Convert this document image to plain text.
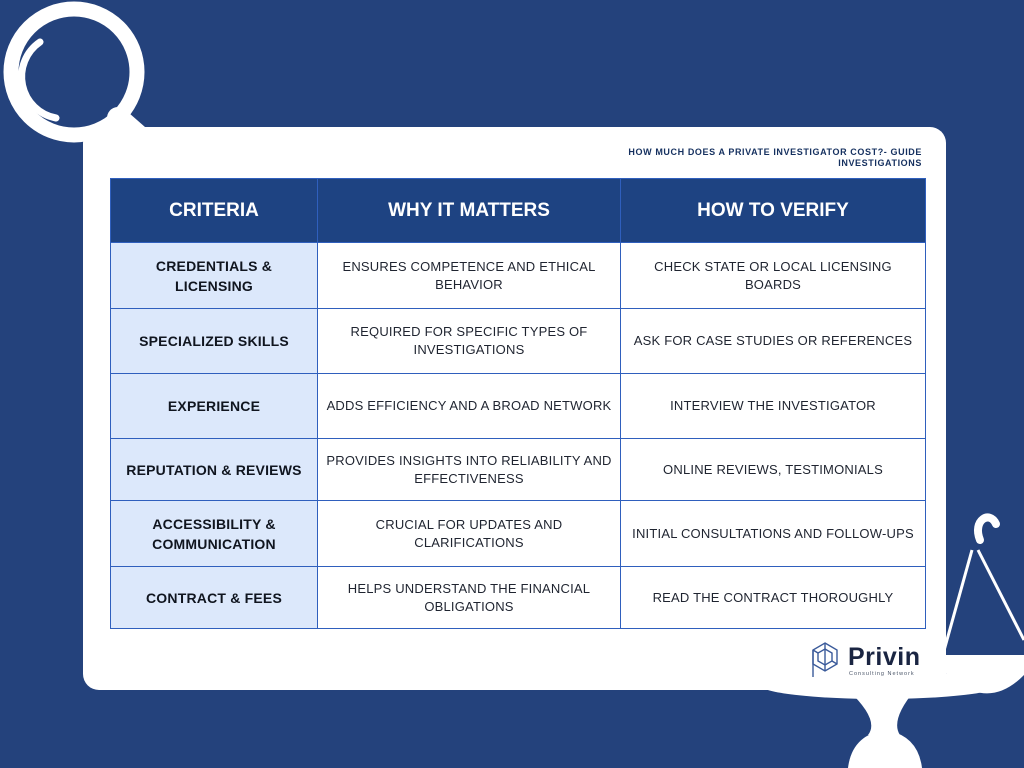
HOW MUCH DOES A PRIVATE INVESTIGATOR COST?- GUIDE INVESTIGATIONS
CRITERIA	WHY IT MATTERS	HOW TO VERIFY
CREDENTIALS & LICENSING	ENSURES COMPETENCE AND ETHICAL BEHAVIOR	CHECK STATE OR LOCAL LICENSING BOARDS
SPECIALIZED SKILLS	REQUIRED FOR SPECIFIC TYPES OF INVESTIGATIONS	ASK FOR CASE STUDIES OR REFERENCES
EXPERIENCE	ADDS EFFICIENCY AND A BROAD NETWORK	INTERVIEW THE INVESTIGATOR
REPUTATION & REVIEWS	PROVIDES INSIGHTS INTO RELIABILITY AND EFFECTIVENESS	ONLINE REVIEWS, TESTIMONIALS
ACCESSIBILITY & COMMUNICATION	CRUCIAL FOR UPDATES AND CLARIFICATIONS	INITIAL CONSULTATIONS AND FOLLOW-UPS
CONTRACT & FEES	HELPS UNDERSTAND THE FINANCIAL OBLIGATIONS	READ THE CONTRACT THOROUGHLY
Privin
Consulting Network
